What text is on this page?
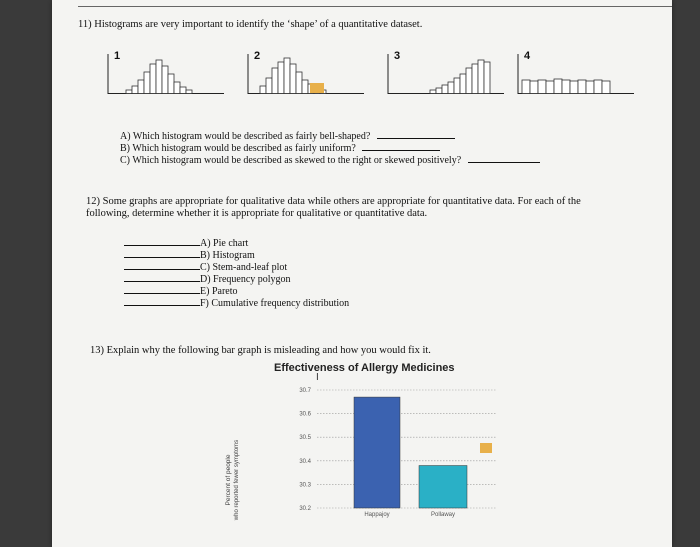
11) Histograms are very important to identify the ‘shape’ of a quantitative dataset.
1	2	3	4
A) Which histogram would be described as fairly bell-shaped?
B) Which histogram would be described as fairly uniform?
C) Which histogram would be described as skewed to the right or skewed positively?
12) Some graphs are appropriate for qualitative data while others are appropriate for quantitative data. For each of the
following, determine whether it is appropriate for qualitative or quantitative data.
A) Pie chart
B) Histogram
C) Stem-and-leaf plot
D) Frequency polygon
E) Pareto
F) Cumulative frequency distribution
13) Explain why the following bar graph is misleading and how you would fix it.
Effectiveness of Allergy Medicines
I
30.7
30.6
30.5
30.4
30.3
30.2
Happajoy	Pollaway
Percent of people who reported fewer symptoms
